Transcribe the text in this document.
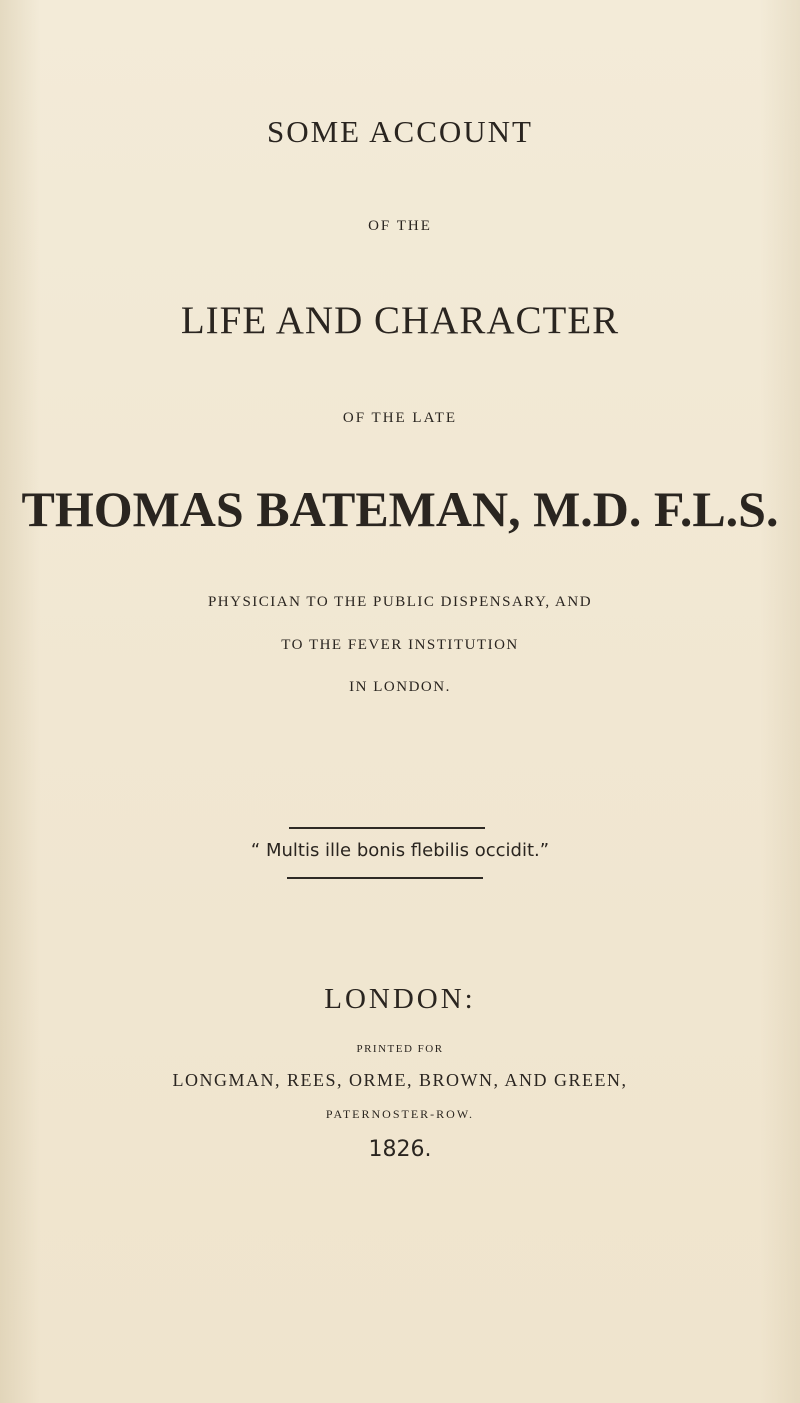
SOME ACCOUNT

OF THE

LIFE AND CHARACTER

OF THE LATE

THOMAS BATEMAN, M.D. F.L.S.

PHYSICIAN TO THE PUBLIC DISPENSARY, AND

TO THE FEVER INSTITUTION

IN LONDON.

“ Multis ille bonis flebilis occidit.”

LONDON:

PRINTED FOR

LONGMAN, REES, ORME, BROWN, AND GREEN,

PATERNOSTER-ROW.

1826.
